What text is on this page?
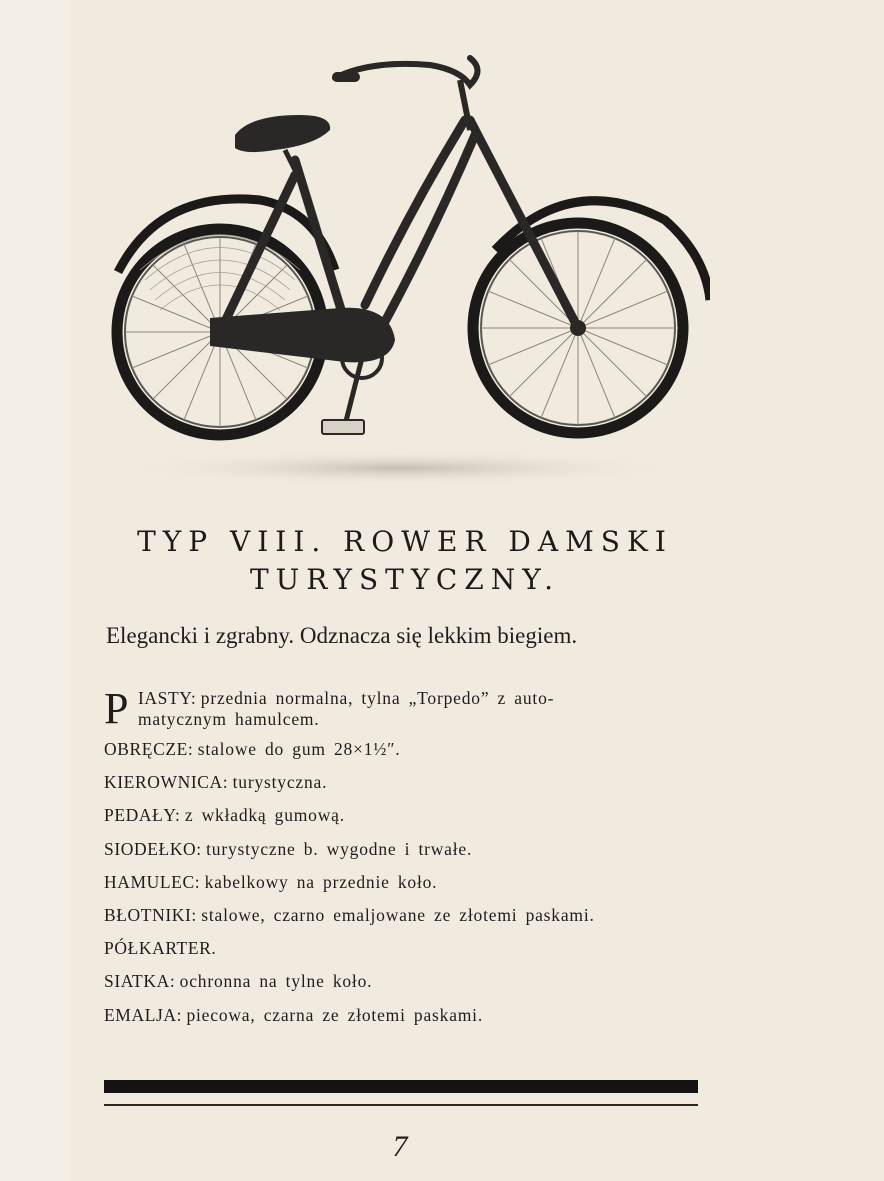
TYP VIII. ROWER DAMSKI
TURYSTYCZNY.

Elegancki i zgrabny. Odznacza się lekkim biegiem.

P IASTY: przednia normalna, tylna „Torpedo” z auto-
matycznym hamulcem.
OBRĘCZE: stalowe do gum 28×1½″.
KIEROWNICA: turystyczna.
PEDAŁY: z wkładką gumową.
SIODEŁKO: turystyczne b. wygodne i trwałe.
HAMULEC: kabelkowy na przednie koło.
BŁOTNIKI: stalowe, czarno emaljowane ze złotemi paskami.
PÓŁKARTER.
SIATKA: ochronna na tylne koło.
EMALJA: piecowa, czarna ze złotemi paskami.
7
